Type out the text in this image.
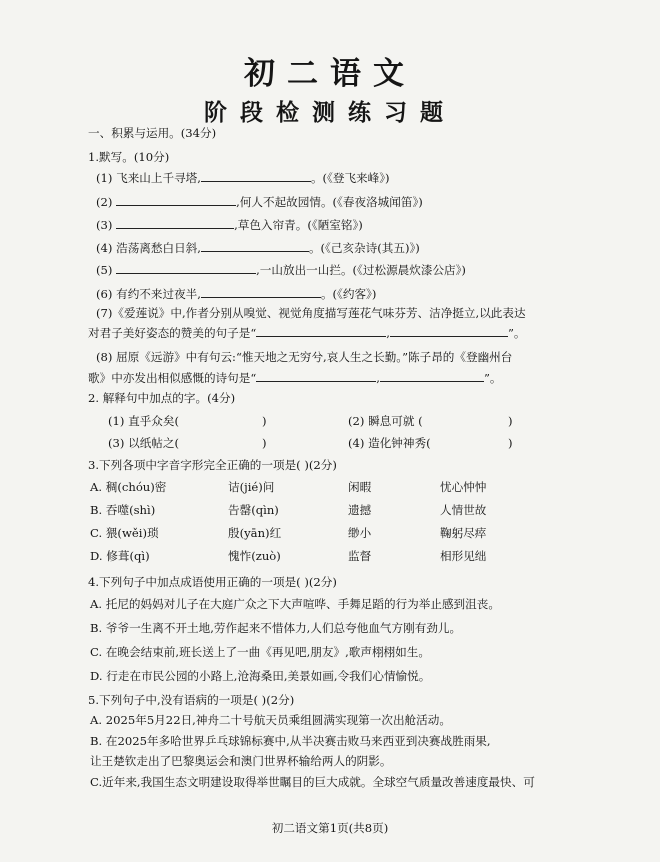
初二语文
阶段检测练习题
一、积累与运用。(34分)
1.默写。(10分)
(1) 飞来山上千寻塔,	。(《登飞来峰》)
(2)	,何人不起故园情。(《春夜洛城闻笛》)
(3)	,草色入帘青。(《陋室铭》)
(4) 浩荡离愁白日斜,	。(《己亥杂诗(其五)》)
(5)	,一山放出一山拦。(《过松源晨炊漆公店》)
(6) 有约不来过夜半,	。(《约客》)
(7)《爱莲说》中,作者分别从嗅觉、视觉角度描写莲花气味芬芳、洁净挺立,以此表达
对君子美好姿态的赞美的句子是“	,	”。
(8) 屈原《远游》中有句云:“惟天地之无穷兮,哀人生之长勤。”陈子昂的《登幽州台
歌》中亦发出相似感慨的诗句是“	,	”。
2. 解释句中加点的字。(4分)
(1) 直乎众矣(	)	(2) 瞬息可就 (	)
(3) 以纸帖之(	)	(4) 造化钟神秀(	)
3.下列各项中字音字形完全正确的一项是( )(2分)
A. 稠(chóu)密	诘(jié)问	闲暇	忧心忡忡
B. 吞噬(shì)	告罄(qìn)	遗撼	人情世故
C. 猥(wěi)琐	殷(yān)红	缈小	鞠躬尽瘁
D. 修葺(qì)	愧怍(zuò)	监督	相形见绌
4.下列句子中加点成语使用正确的一项是( )(2分)
A. 托尼的妈妈对儿子在大庭广众之下大声喧哗、手舞足蹈的行为举止感到沮丧。
B. 爷爷一生离不开土地,劳作起来不惜体力,人们总夸他血气方刚有劲儿。
C. 在晚会结束前,班长送上了一曲《再见吧,朋友》,歌声栩栩如生。
D. 行走在市民公园的小路上,沧海桑田,美景如画,令我们心情愉悦。
5.下列句子中,没有语病的一项是( )(2分)
A. 2025年5月22日,神舟二十号航天员乘组圆满实现第一次出舱活动。
B. 在2025年多哈世界乒乓球锦标赛中,从半决赛击败马来西亚到决赛战胜雨果,
让王楚钦走出了巴黎奥运会和澳门世界杯输给两人的阴影。
C.近年来,我国生态文明建设取得举世瞩目的巨大成就。全球空气质量改善速度最快、可
初二语文第1页(共8页)
